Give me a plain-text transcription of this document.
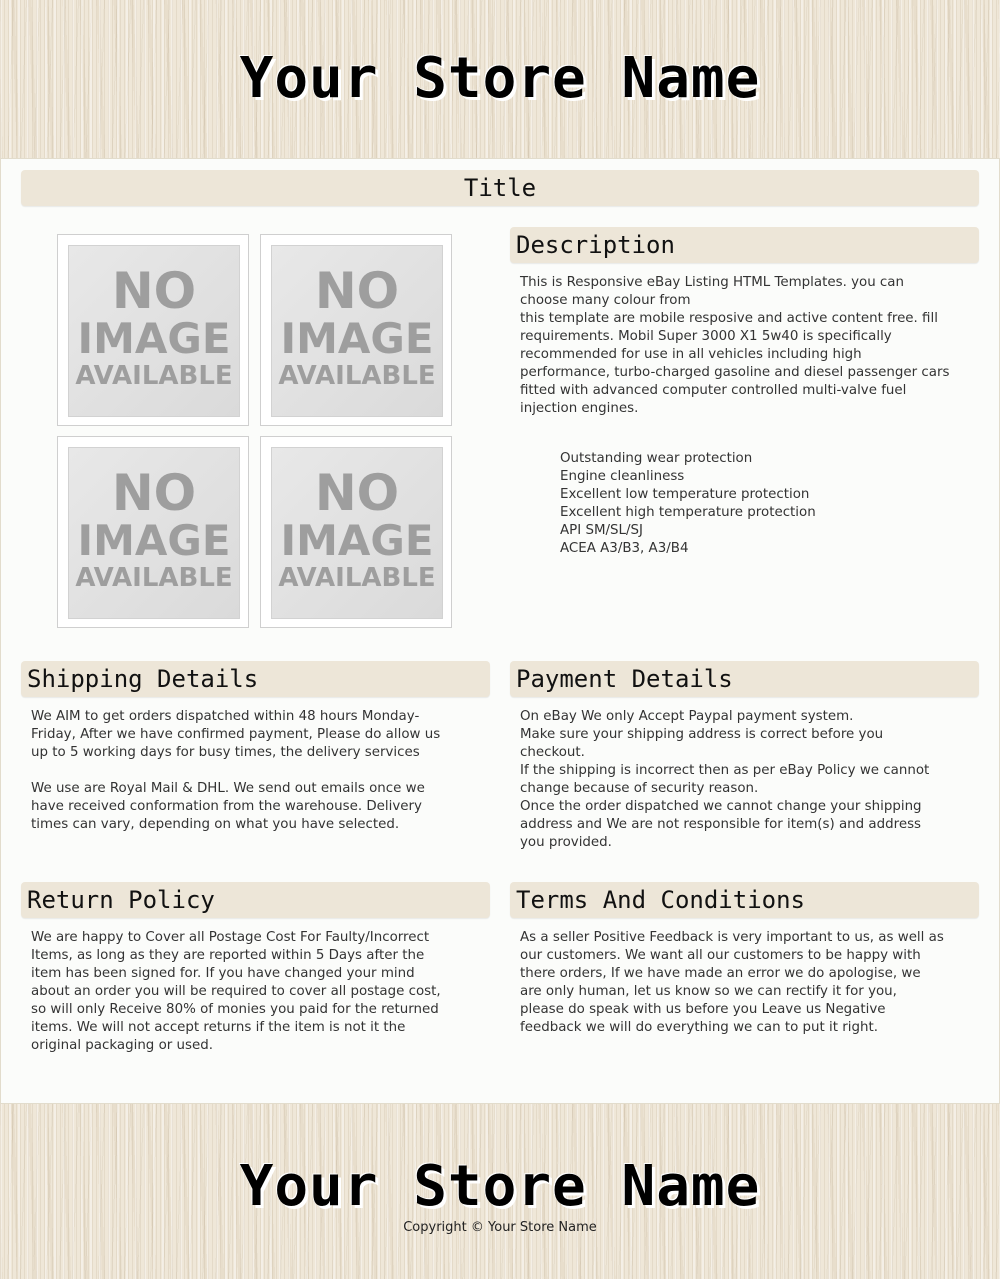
Your Store Name
Title
NO
IMAGE
AVAILABLE
NO
IMAGE
AVAILABLE
NO
IMAGE
AVAILABLE
NO
IMAGE
AVAILABLE
Description
This is Responsive eBay Listing HTML Templates. you can
choose many colour from
this template are mobile resposive and active content free. fill
requirements. Mobil Super 3000 X1 5w40 is specifically
recommended for use in all vehicles including high
performance, turbo-charged gasoline and diesel passenger cars
fitted with advanced computer controlled multi-valve fuel
injection engines.
Outstanding wear protection
Engine cleanliness
Excellent low temperature protection
Excellent high temperature protection
API SM/SL/SJ
ACEA A3/B3, A3/B4
Shipping Details
We AIM to get orders dispatched within 48 hours Monday-
Friday, After we have confirmed payment, Please do allow us
up to 5 working days for busy times, the delivery services
We use are Royal Mail & DHL. We send out emails once we
have received conformation from the warehouse. Delivery
times can vary, depending on what you have selected.
Payment Details
On eBay We only Accept Paypal payment system.
Make sure your shipping address is correct before you
checkout.
If the shipping is incorrect then as per eBay Policy we cannot
change because of security reason.
Once the order dispatched we cannot change your shipping
address and We are not responsible for item(s) and address
you provided.
Return Policy
We are happy to Cover all Postage Cost For Faulty/Incorrect
Items, as long as they are reported within 5 Days after the
item has been signed for. If you have changed your mind
about an order you will be required to cover all postage cost,
so will only Receive 80% of monies you paid for the returned
items. We will not accept returns if the item is not it the
original packaging or used.
Terms And Conditions
As a seller Positive Feedback is very important to us, as well as
our customers. We want all our customers to be happy with
there orders, If we have made an error we do apologise, we
are only human, let us know so we can rectify it for you,
please do speak with us before you Leave us Negative
feedback we will do everything we can to put it right.
Your Store Name
Copyright © Your Store Name
